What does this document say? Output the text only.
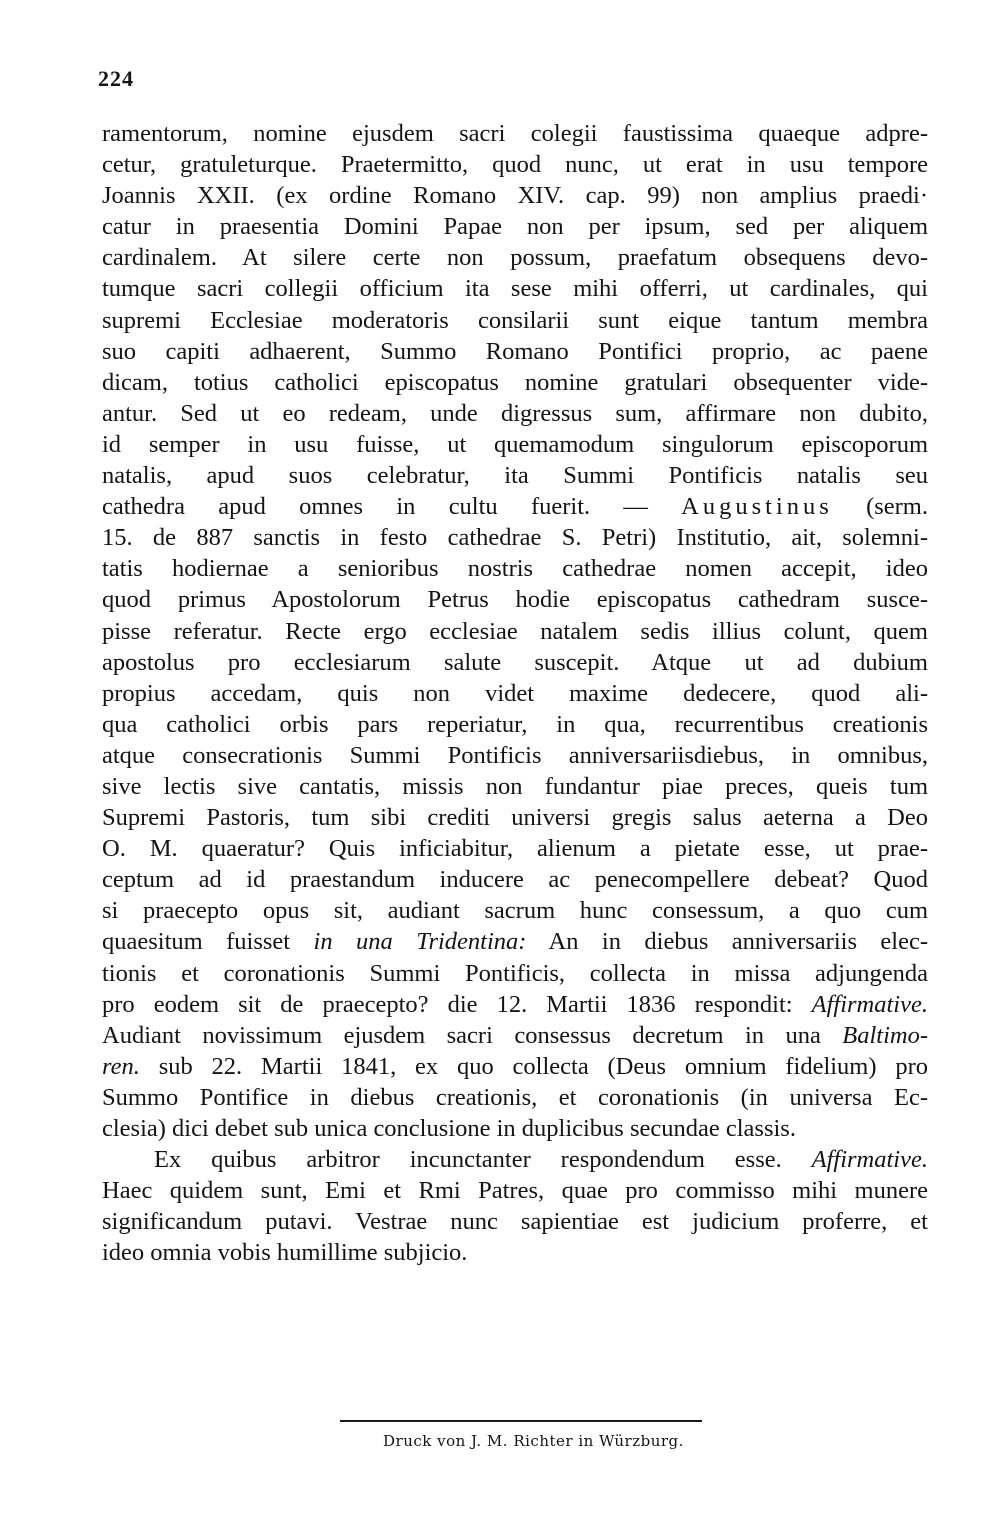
224
ramentorum, nomine ejusdem sacri colegii faustissima quaeque adpre-
cetur, gratuleturque. Praetermitto, quod nunc, ut erat in usu tempore
Joannis XXII. (ex ordine Romano XIV. cap. 99) non amplius praedi·
catur in praesentia Domini Papae non per ipsum, sed per aliquem
cardinalem. At silere certe non possum, praefatum obsequens devo-
tumque sacri collegii officium ita sese mihi offerri, ut cardinales, qui
supremi Ecclesiae moderatoris consilarii sunt eique tantum membra
suo capiti adhaerent, Summo Romano Pontifici proprio, ac paene
dicam, totius catholici episcopatus nomine gratulari obsequenter vide-
antur. Sed ut eo redeam, unde digressus sum, affirmare non dubito,
id semper in usu fuisse, ut quemamodum singulorum episcoporum
natalis, apud suos celebratur, ita Summi Pontificis natalis seu
cathedra apud omnes in cultu fuerit. — Augustinus (serm.
15. de 887 sanctis in festo cathedrae S. Petri) Institutio, ait, solemni-
tatis hodiernae a senioribus nostris cathedrae nomen accepit, ideo
quod primus Apostolorum Petrus hodie episcopatus cathedram susce-
pisse referatur. Recte ergo ecclesiae natalem sedis illius colunt, quem
apostolus pro ecclesiarum salute suscepit. Atque ut ad dubium
propius accedam, quis non videt maxime dedecere, quod ali-
qua catholici orbis pars reperiatur, in qua, recurrentibus creationis
atque consecrationis Summi Pontificis anniversariisdiebus, in omnibus,
sive lectis sive cantatis, missis non fundantur piae preces, queis tum
Supremi Pastoris, tum sibi crediti universi gregis salus aeterna a Deo
O. M. quaeratur? Quis inficiabitur, alienum a pietate esse, ut prae-
ceptum ad id praestandum inducere ac penecompellere debeat? Quod
si praecepto opus sit, audiant sacrum hunc consessum, a quo cum
quaesitum fuisset in una Tridentina: An in diebus anniversariis elec-
tionis et coronationis Summi Pontificis, collecta in missa adjungenda
pro eodem sit de praecepto? die 12. Martii 1836 respondit: Affirmative.
Audiant novissimum ejusdem sacri consessus decretum in una Baltimo-
ren. sub 22. Martii 1841, ex quo collecta (Deus omnium fidelium) pro
Summo Pontifice in diebus creationis, et coronationis (in universa Ec-
clesia) dici debet sub unica conclusione in duplicibus secundae classis.
Ex quibus arbitror incunctanter respondendum esse. Affirmative.
Haec quidem sunt, Emi et Rmi Patres, quae pro commisso mihi munere
significandum putavi. Vestrae nunc sapientiae est judicium proferre, et
ideo omnia vobis humillime subjicio.
Druck von J. M. Richter in Würzburg.
